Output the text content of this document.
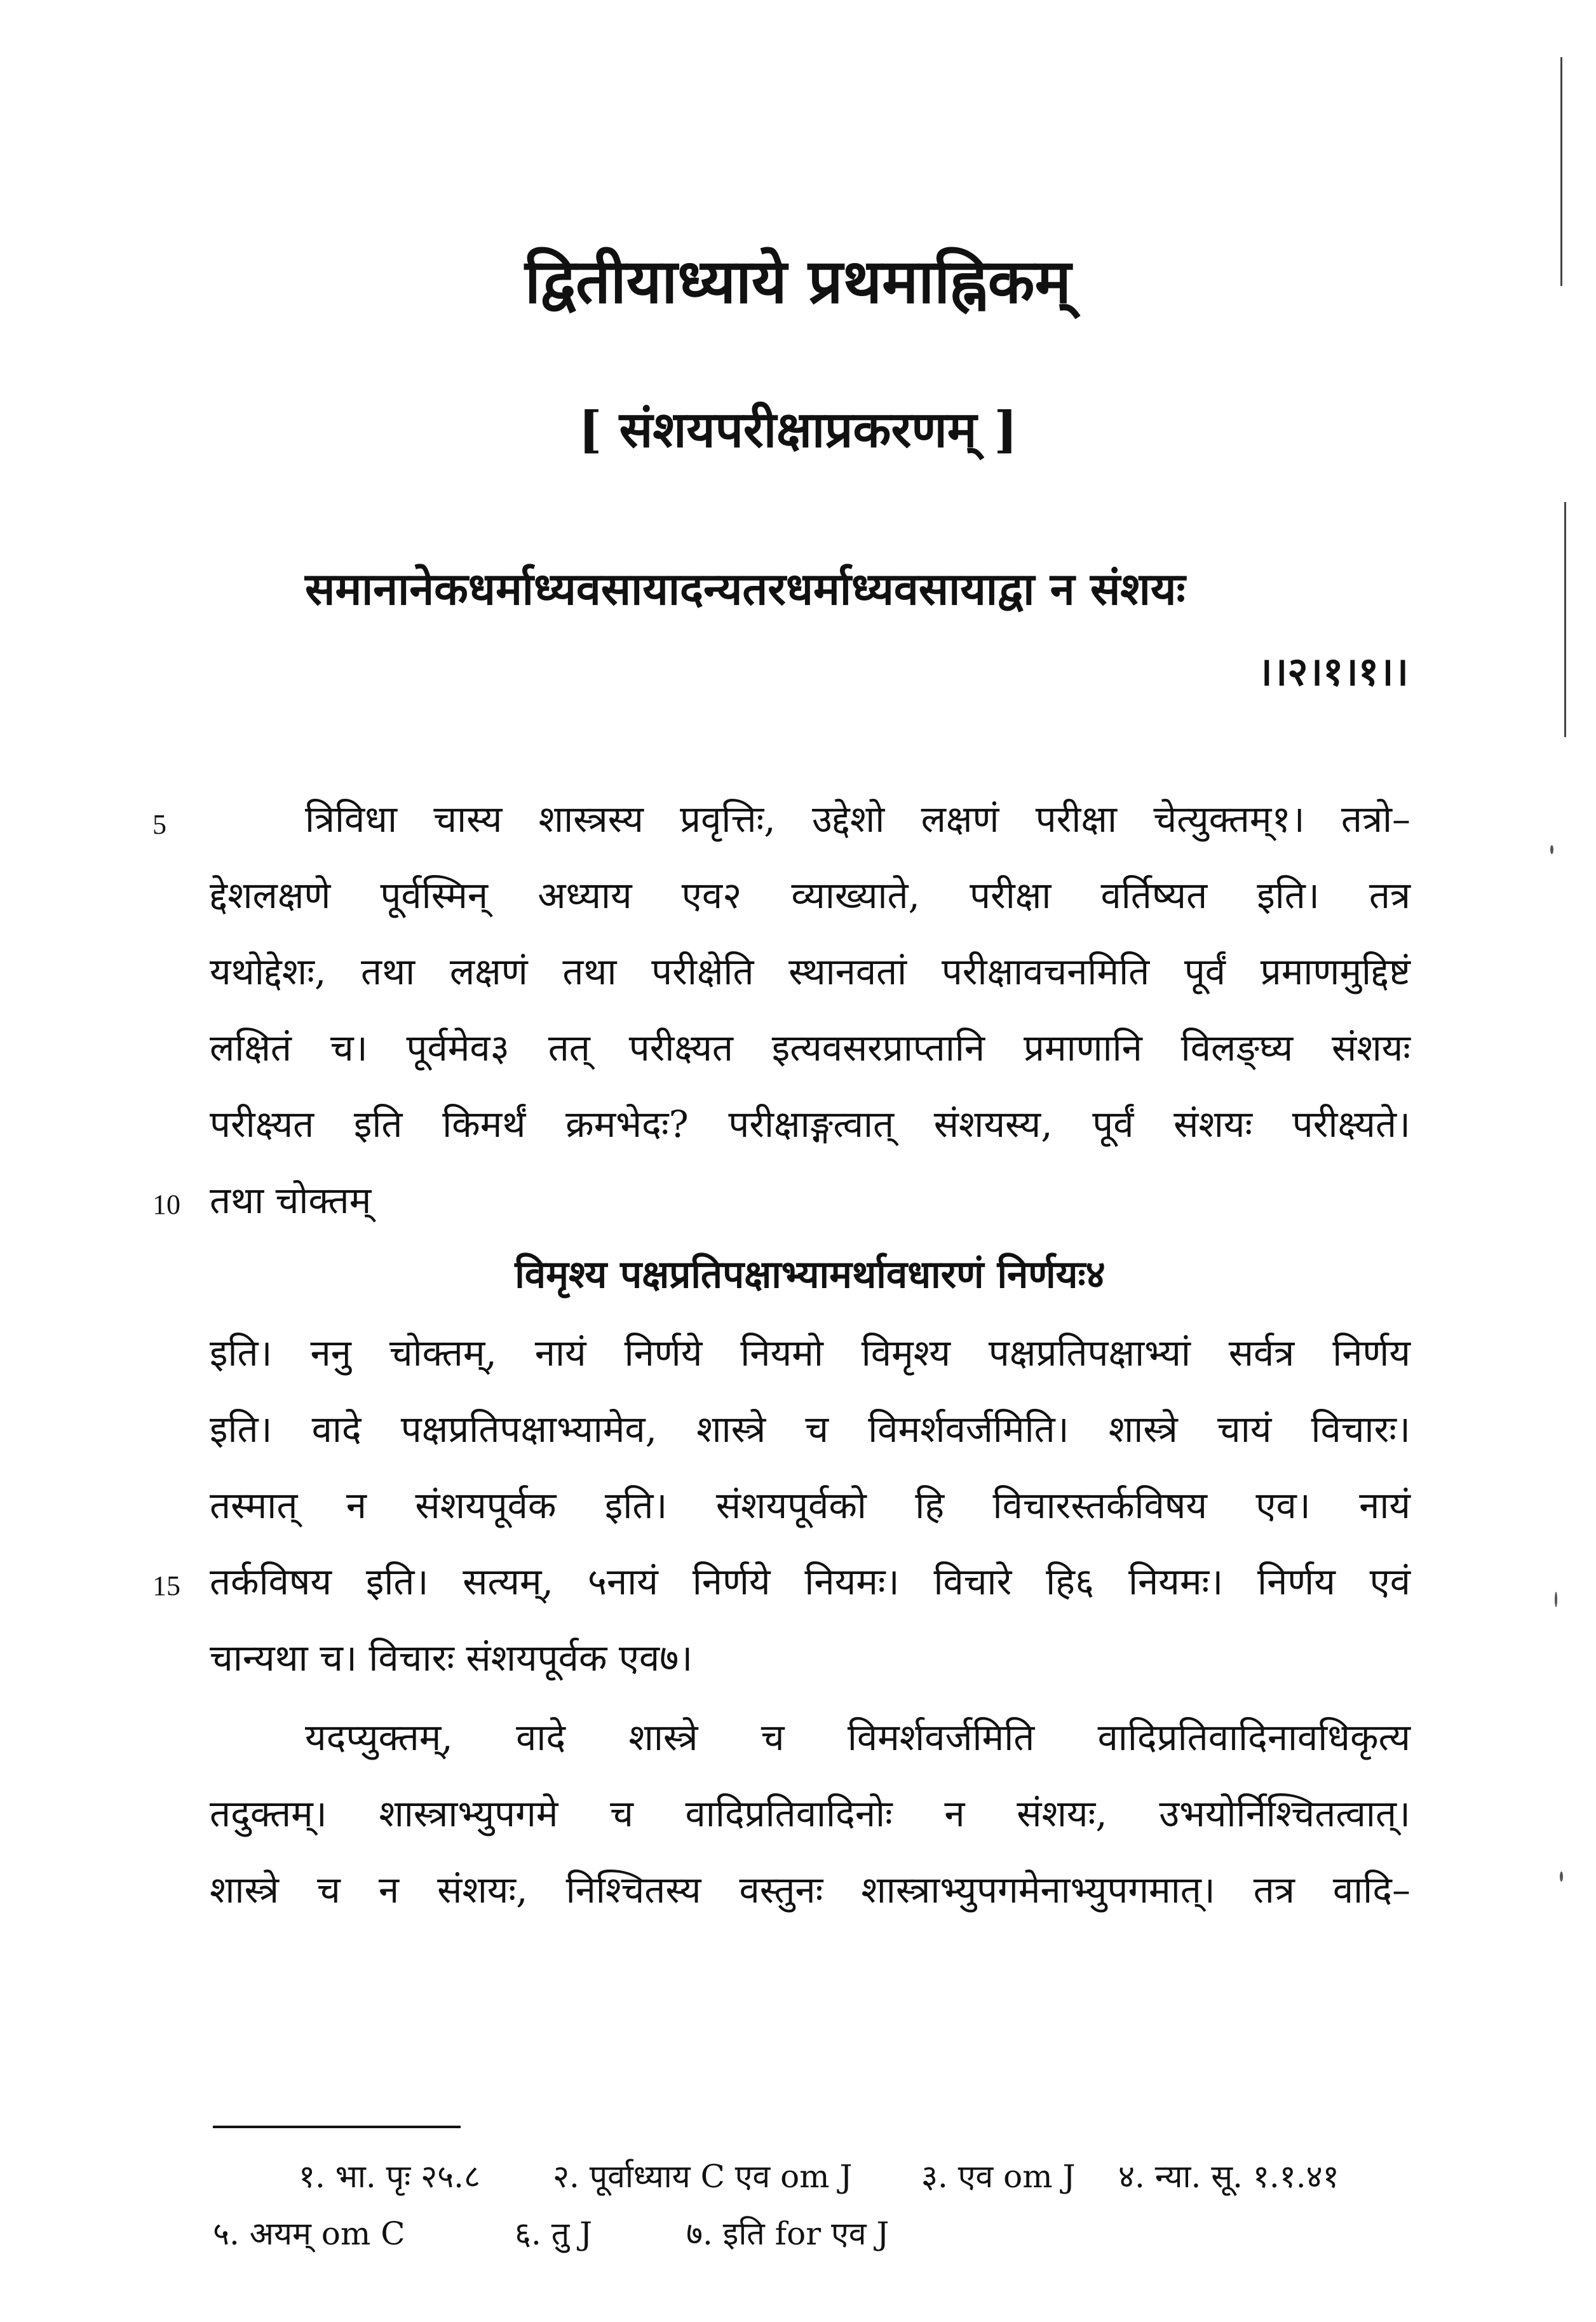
द्वितीयाध्याये प्रथमाह्निकम्
[ संशयपरीक्षाप्रकरणम् ]
समानानेकधर्माध्यवसायादन्यतरधर्माध्यवसायाद्वा न संशयः
।।२।१।१।।
5
10
15
त्रिविधा चास्य शास्त्रस्य प्रवृत्तिः, उद्देशो लक्षणं परीक्षा चेत्युक्तम्१। तत्रो–
द्देशलक्षणे पूर्वस्मिन् अध्याय एव२ व्याख्याते, परीक्षा वर्तिष्यत इति। तत्र
यथोद्देशः, तथा लक्षणं तथा परीक्षेति स्थानवतां परीक्षावचनमिति पूर्वं प्रमाणमुद्दिष्टं
लक्षितं च। पूर्वमेव३ तत् परीक्ष्यत इत्यवसरप्राप्तानि प्रमाणानि विलङ्घ्य संशयः
परीक्ष्यत इति किमर्थं क्रमभेदः? परीक्षाङ्गत्वात् संशयस्य, पूर्वं संशयः परीक्ष्यते।
तथा चोक्तम्
विमृश्य पक्षप्रतिपक्षाभ्यामर्थावधारणं निर्णयः४
इति। ननु चोक्तम्, नायं निर्णये नियमो विमृश्य पक्षप्रतिपक्षाभ्यां सर्वत्र निर्णय
इति। वादे पक्षप्रतिपक्षाभ्यामेव, शास्त्रे च विमर्शवर्जमिति। शास्त्रे चायं विचारः।
तस्मात् न संशयपूर्वक इति। संशयपूर्वको हि विचारस्तर्कविषय एव। नायं
तर्कविषय इति। सत्यम्, ५नायं निर्णये नियमः। विचारे हि६ नियमः। निर्णय एवं
चान्यथा च। विचारः संशयपूर्वक एव७।
यदप्युक्तम्, वादे शास्त्रे च विमर्शवर्जमिति वादिप्रतिवादिनावधिकृत्य
तदुक्तम्। शास्त्राभ्युपगमे च वादिप्रतिवादिनोः न संशयः, उभयोर्निश्चितत्वात्।
शास्त्रे च न संशयः, निश्चितस्य वस्तुनः शास्त्राभ्युपगमेनाभ्युपगमात्। तत्र वादि–
१. भा. पृः २५.८ २. पूर्वाध्याय C एव om J ३. एव om J ४. न्या. सू. १.१.४१
५. अयम् om C	६. तु J	७. इति for एव J
